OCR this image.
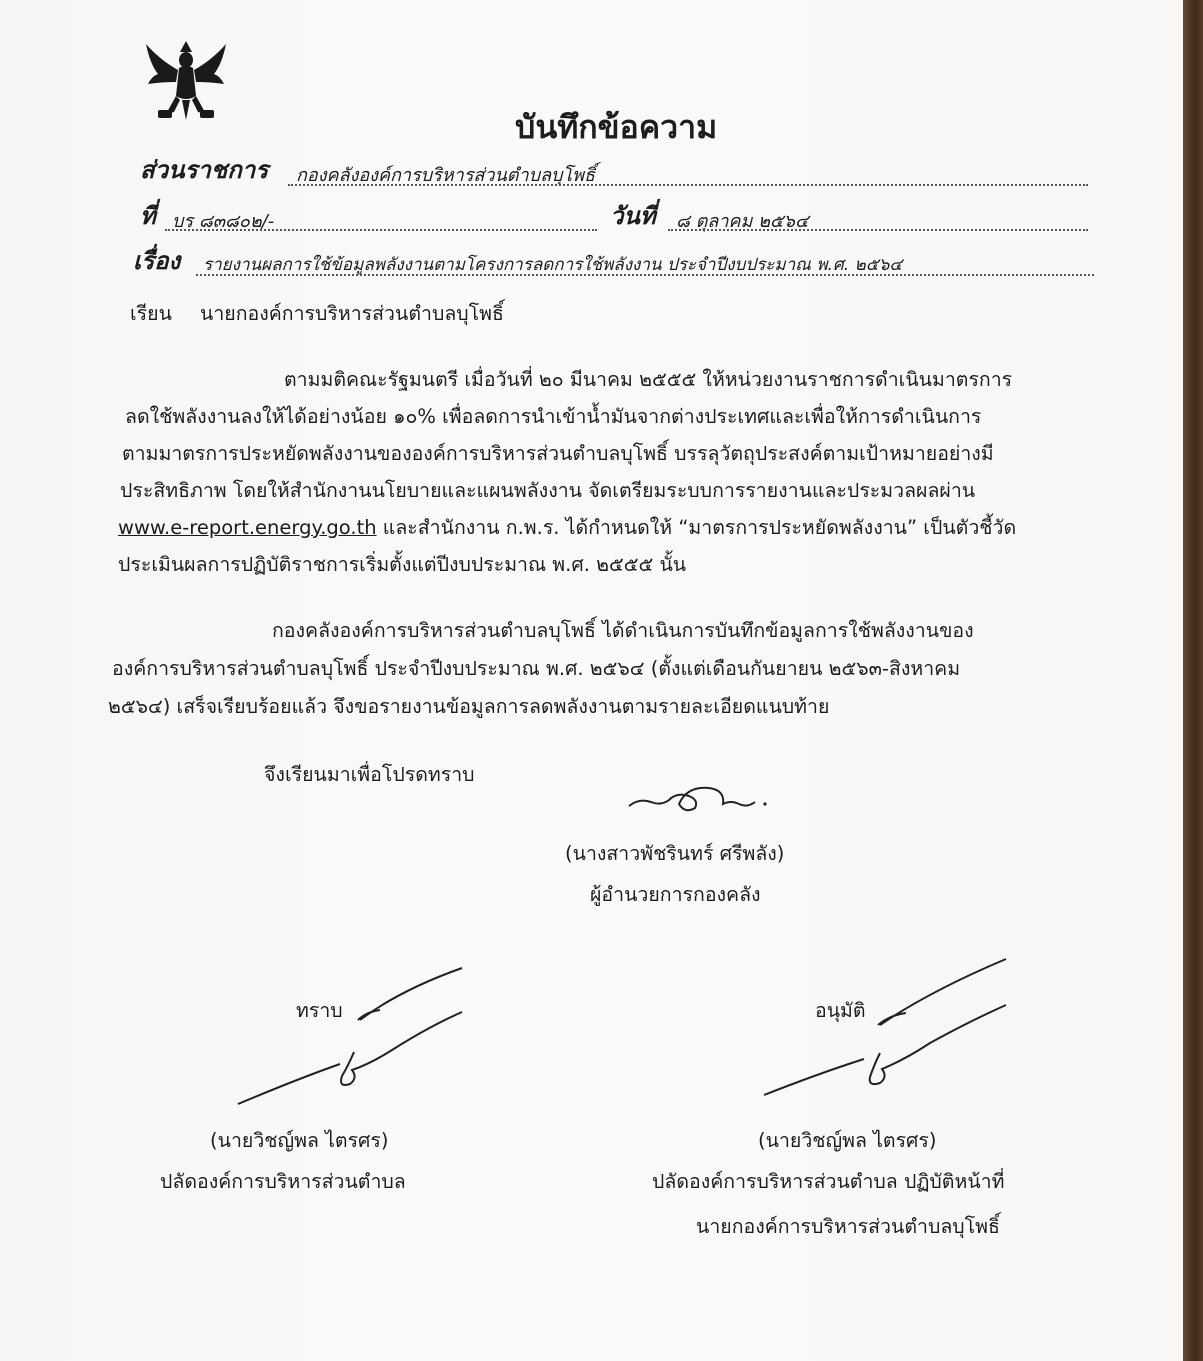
บันทึกข้อความ
ส่วนราชการ กองคลังองค์การบริหารส่วนตำบลบุโพธิ์
ที่ บร ๘๓๘๐๒/-	วันที่ ๘ ตุลาคม ๒๕๖๔
เรื่อง รายงานผลการใช้ข้อมูลพลังงานตามโครงการลดการใช้พลังงาน ประจำปีงบประมาณ พ.ศ. ๒๕๖๔
เรียน นายกองค์การบริหารส่วนตำบลบุโพธิ์
ตามมติคณะรัฐมนตรี เมื่อวันที่ ๒๐ มีนาคม ๒๕๕๕ ให้หน่วยงานราชการดำเนินมาตรการ
ลดใช้พลังงานลงให้ได้อย่างน้อย ๑๐% เพื่อลดการนำเข้าน้ำมันจากต่างประเทศและเพื่อให้การดำเนินการ
ตามมาตรการประหยัดพลังงานขององค์การบริหารส่วนตำบลบุโพธิ์ บรรลุวัตถุประสงค์ตามเป้าหมายอย่างมี
ประสิทธิภาพ โดยให้สำนักงานนโยบายและแผนพลังงาน จัดเตรียมระบบการรายงานและประมวลผลผ่าน
www.e-report.energy.go.th และสำนักงาน ก.พ.ร. ได้กำหนดให้ “มาตรการประหยัดพลังงาน” เป็นตัวชี้วัด
ประเมินผลการปฏิบัติราชการเริ่มตั้งแต่ปีงบประมาณ พ.ศ. ๒๕๕๕ นั้น
กองคลังองค์การบริหารส่วนตำบลบุโพธิ์ ได้ดำเนินการบันทึกข้อมูลการใช้พลังงานของ
องค์การบริหารส่วนตำบลบุโพธิ์ ประจำปีงบประมาณ พ.ศ. ๒๕๖๔ (ตั้งแต่เดือนกันยายน ๒๕๖๓-สิงหาคม
๒๕๖๔) เสร็จเรียบร้อยแล้ว จึงขอรายงานข้อมูลการลดพลังงานตามรายละเอียดแนบท้าย
จึงเรียนมาเพื่อโปรดทราบ
(นางสาวพัชรินทร์ ศรีพลัง)
ผู้อำนวยการกองคลัง
ทราบ
(นายวิชญ์พล ไตรศร)
ปลัดองค์การบริหารส่วนตำบล
อนุมัติ
(นายวิชญ์พล ไตรศร)
ปลัดองค์การบริหารส่วนตำบล ปฏิบัติหน้าที่
นายกองค์การบริหารส่วนตำบลบุโพธิ์
